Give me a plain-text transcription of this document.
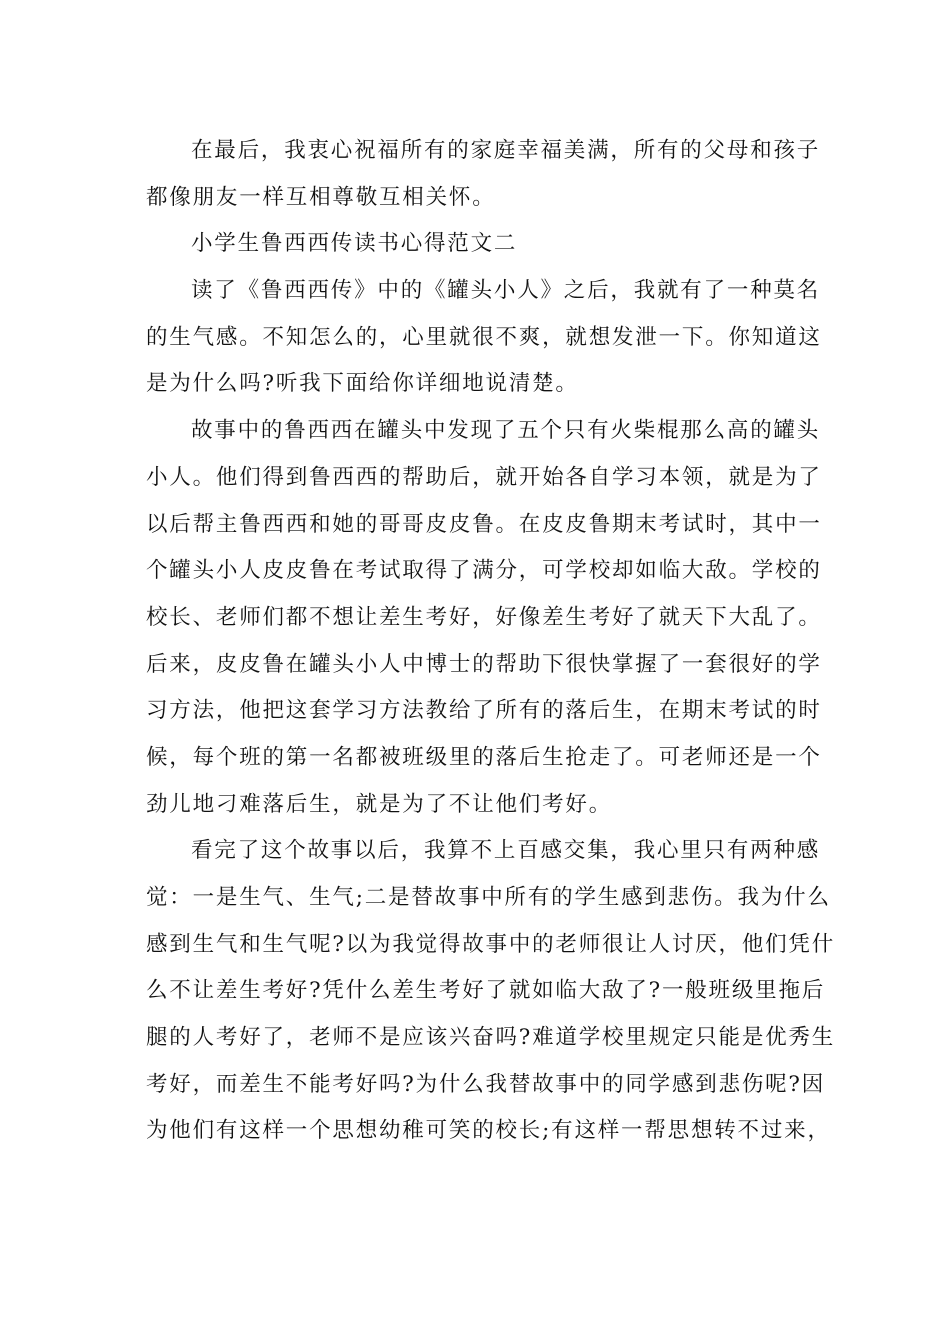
在最后，我衷心祝福所有的家庭幸福美满，所有的父母和孩子
都像朋友一样互相尊敬互相关怀。
小学生鲁西西传读书心得范文二
读了《鲁西西传》中的《罐头小人》之后，我就有了一种莫名
的生气感。不知怎么的，心里就很不爽，就想发泄一下。你知道这
是为什么吗?听我下面给你详细地说清楚。
故事中的鲁西西在罐头中发现了五个只有火柴棍那么高的罐头
小人。他们得到鲁西西的帮助后，就开始各自学习本领，就是为了
以后帮主鲁西西和她的哥哥皮皮鲁。在皮皮鲁期末考试时，其中一
个罐头小人皮皮鲁在考试取得了满分，可学校却如临大敌。学校的
校长、老师们都不想让差生考好，好像差生考好了就天下大乱了。
后来，皮皮鲁在罐头小人中博士的帮助下很快掌握了一套很好的学
习方法，他把这套学习方法教给了所有的落后生，在期末考试的时
候，每个班的第一名都被班级里的落后生抢走了。可老师还是一个
劲儿地刁难落后生，就是为了不让他们考好。
看完了这个故事以后，我算不上百感交集，我心里只有两种感
觉：一是生气、生气;二是替故事中所有的学生感到悲伤。我为什么
感到生气和生气呢?以为我觉得故事中的老师很让人讨厌，他们凭什
么不让差生考好?凭什么差生考好了就如临大敌了?一般班级里拖后
腿的人考好了，老师不是应该兴奋吗?难道学校里规定只能是优秀生
考好，而差生不能考好吗?为什么我替故事中的同学感到悲伤呢?因
为他们有这样一个思想幼稚可笑的校长;有这样一帮思想转不过来，
